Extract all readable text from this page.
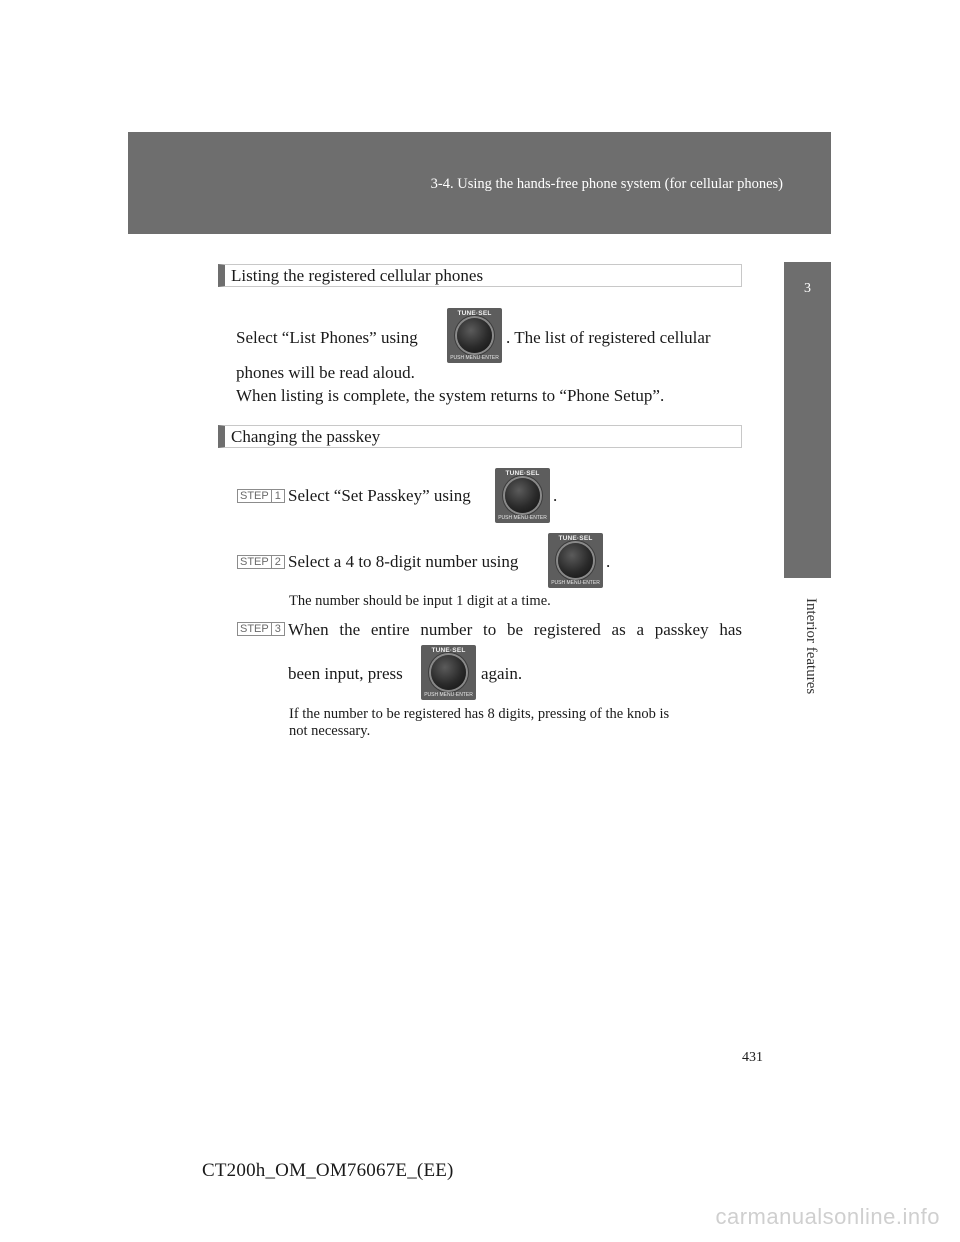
3-4. Using the hands-free phone system (for cellular phones)
3
Interior features
Listing the registered cellular phones
Select “List Phones” using
TUNE·SEL
PUSH MENU·ENTER
. The list of registered cellular
phones will be read aloud.
When listing is complete, the system returns to “Phone Setup”.
Changing the passkey
STEP 1 Select “Set Passkey” using
TUNE·SEL
PUSH MENU·ENTER
.
STEP 2 Select a 4 to 8-digit number using
TUNE·SEL
PUSH MENU·ENTER
.
The number should be input 1 digit at a time.
STEP 3 When the entire number to be registered as a passkey has
been input, press
TUNE·SEL
PUSH MENU·ENTER
again.
If the number to be registered has 8 digits, pressing of the knob is
not necessary.
431
CT200h_OM_OM76067E_(EE)
carmanualsonline.info
